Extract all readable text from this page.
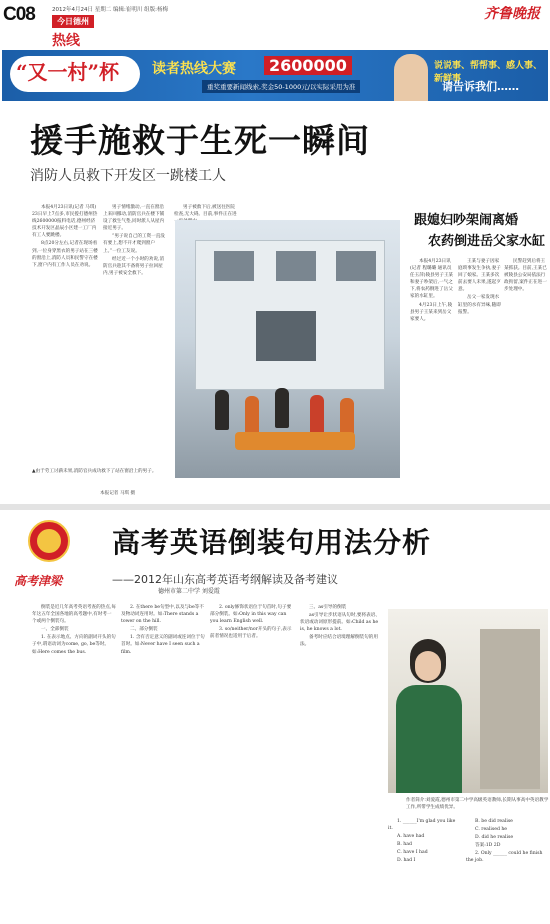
C08	2012年4月24日 星期二 编辑:崔明川 组版:杨梅
今日德州
热线
齐鲁晚报
“又一村”杯 读者热线大赛	2600000
重奖重要新闻线索,奖金50-1000元/以实际采用为准
说说事、帮帮事、感人事、新鲜事
请告诉我们……
援手施救于生死一瞬间
消防人员救下开发区一跳楼工人

本报4月23日讯(记者 马琪) 23日早上7点多,市民拨打德州热线2600000报料电话,德州经济技术开发区晶辰小区建一工厂内有工人要跳楼。

8点20分左右,记者在现场看到,一位身穿黑衣的男子站在三楼的窗沿上,消防人员和民警守在楼下,窗户内有工作人员在劝说。

男子情绪激动,一直在窗沿上来回挪动,消防官兵在楼下铺设了救生气垫,同时派人从屋内接近男子。

“男子说自己的工资一直没有要上,想不开才爬到窗户上。”一位工友说。

经过近一个小时的劝说,消防官兵趁其不备将男子拉回屋内,男子被安全救下。

男子被救下后,被送往医院检查,无大碍。目前,事件正在进

▲由于劳工讨薪未果,消防官兵成功救下了站在窗沿上的男子。
本报记者 马琪 摄
跟媳妇吵架闹离婚
农药倒进岳父家水缸

本报4月23日讯(记者 程璐璐 通讯员 任玉萍)陵县男子王某和妻子吵架后,一气之下,将农药倒进了岳父家的水缸里。

4月23日上午,陵县男子王某来到岳父家要人。

王某与妻子因家庭琐事发生争执,妻子回了娘家。王某多次前去要人未果,遂起歹意。

岳父一家发现水缸里的水有异味,随即报警。

民警赶到后将王某抓获。目前,王某已被陵县公安局依法行政拘留,案件正在进一步处理中。

高考津梁
高考英语倒装句用法分析
——2012年山东高考英语考纲解读及备考建议
德州市第二中学 刘爱霞

倒装是近几年高考英语考查的热点,每年这五年全国各地的高考题中,有时考一个或两个倒装句。

一、全部倒装

1. 在表示地点、方向的副词开头的句子中,谓语动词为come, go, be等时。如:Here comes the bus.

2. 在there be句型中,以及与be等不及物动词连用时。如:There stands a tower on the hill.

二、部分倒装

1. 含有否定意义的副词或连词位于句首时。如:Never have I seen such a film.

2. only修饰状语位于句首时,句子要部分倒装。如:Only in this way can you learn English well.

3. so/neither/nor开头的句子,表示前者情况也适用于后者。

三、as引导的倒装

as引导让步状语从句时,要将表语、状语或动词原形提前。如:Child as he is, he knows a lot.

备考时应结合语境理解倒装句的用法。

作者简介:刘爱霞,德州市第二中学高级英语教师,长期从事高中英语教学工作,所带学生成绩优异。

1. ______I'm glad you like it.

A. have had

B. had

C. have I had

D. had I

B. be did realise

C. realised he

D. did he realise

答案:1D 2D

2. Only ______ could he finish the job.
